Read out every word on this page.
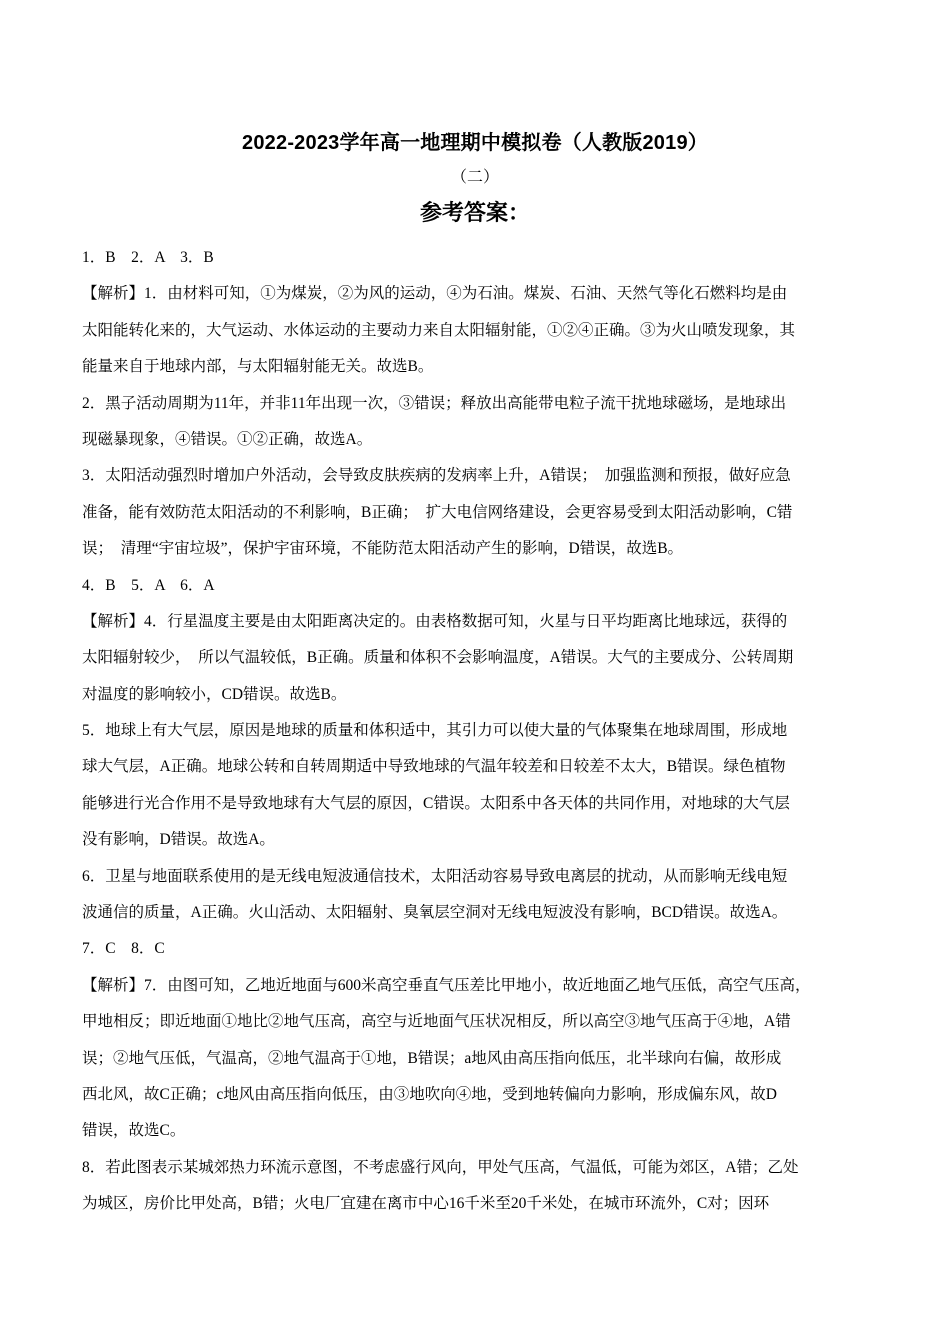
2022-2023学年高一地理期中模拟卷（人教版2019）
（二）
参考答案：
1．B　2．A　3．B
【解析】1．由材料可知，①为煤炭，②为风的运动，④为石油。煤炭、石油、天然气等化石燃料均是由
太阳能转化来的，大气运动、水体运动的主要动力来自太阳辐射能，①②④正确。③为火山喷发现象，其
能量来自于地球内部，与太阳辐射能无关。故选B。
2．黑子活动周期为11年，并非11年出现一次，③错误；释放出高能带电粒子流干扰地球磁场，是地球出
现磁暴现象，④错误。①②正确，故选A。
3．太阳活动强烈时增加户外活动，会导致皮肤疾病的发病率上升，A错误；　加强监测和预报，做好应急
准备，能有效防范太阳活动的不利影响，B正确；　扩大电信网络建设，会更容易受到太阳活动影响，C错
误；　清理“宇宙垃圾”，保护宇宙环境，不能防范太阳活动产生的影响，D错误，故选B。
4．B　5．A　6．A
【解析】4．行星温度主要是由太阳距离决定的。由表格数据可知，火星与日平均距离比地球远，获得的
太阳辐射较少，　所以气温较低，B正确。质量和体积不会影响温度，A错误。大气的主要成分、公转周期
对温度的影响较小，CD错误。故选B。
5．地球上有大气层，原因是地球的质量和体积适中，其引力可以使大量的气体聚集在地球周围，形成地
球大气层，A正确。地球公转和自转周期适中导致地球的气温年较差和日较差不太大，B错误。绿色植物
能够进行光合作用不是导致地球有大气层的原因，C错误。太阳系中各天体的共同作用，对地球的大气层
没有影响，D错误。故选A。
6．卫星与地面联系使用的是无线电短波通信技术，太阳活动容易导致电离层的扰动，从而影响无线电短
波通信的质量，A正确。火山活动、太阳辐射、臭氧层空洞对无线电短波没有影响，BCD错误。故选A。
7．C　8．C
【解析】7．由图可知，乙地近地面与600米高空垂直气压差比甲地小，故近地面乙地气压低，高空气压高，
甲地相反；即近地面①地比②地气压高，高空与近地面气压状况相反，所以高空③地气压高于④地，A错
误；②地气压低，气温高，②地气温高于①地，B错误；a地风由高压指向低压，北半球向右偏，故形成
西北风，故C正确；c地风由高压指向低压，由③地吹向④地，受到地转偏向力影响，形成偏东风，故D
错误，故选C。
8．若此图表示某城郊热力环流示意图，不考虑盛行风向，甲处气压高，气温低，可能为郊区，A错；乙处
为城区，房价比甲处高，B错；火电厂宜建在离市中心16千米至20千米处，在城市环流外，C对；因环
